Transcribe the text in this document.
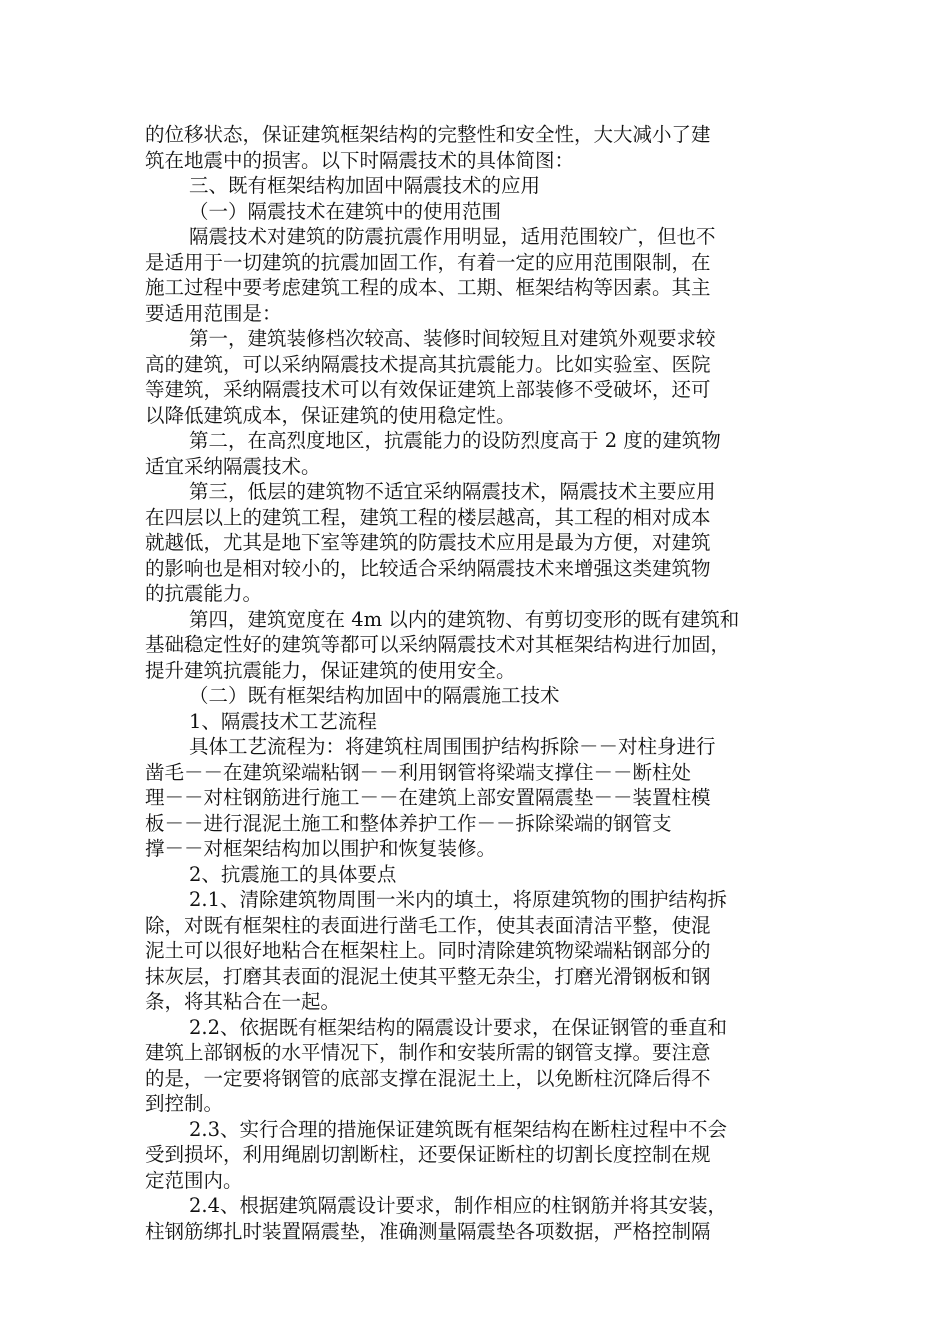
的位移状态，保证建筑框架结构的完整性和安全性，大大减小了建
筑在地震中的损害。以下时隔震技术的具体简图：
三、既有框架结构加固中隔震技术的应用
（一）隔震技术在建筑中的使用范围
隔震技术对建筑的防震抗震作用明显，适用范围较广，但也不
是适用于一切建筑的抗震加固工作，有着一定的应用范围限制，在
施工过程中要考虑建筑工程的成本、工期、框架结构等因素。其主
要适用范围是：
第一，建筑装修档次较高、装修时间较短且对建筑外观要求较
高的建筑，可以采纳隔震技术提高其抗震能力。比如实验室、医院
等建筑，采纳隔震技术可以有效保证建筑上部装修不受破坏，还可
以降低建筑成本，保证建筑的使用稳定性。
第二，在高烈度地区，抗震能力的设防烈度高于 2 度的建筑物
适宜采纳隔震技术。
第三，低层的建筑物不适宜采纳隔震技术，隔震技术主要应用
在四层以上的建筑工程，建筑工程的楼层越高，其工程的相对成本
就越低，尤其是地下室等建筑的防震技术应用是最为方便，对建筑
的影响也是相对较小的，比较适合采纳隔震技术来增强这类建筑物
的抗震能力。
第四，建筑宽度在 4m 以内的建筑物、有剪切变形的既有建筑和
基础稳定性好的建筑等都可以采纳隔震技术对其框架结构进行加固，
提升建筑抗震能力，保证建筑的使用安全。
（二）既有框架结构加固中的隔震施工技术
1、隔震技术工艺流程
具体工艺流程为：将建筑柱周围围护结构拆除－－对柱身进行
凿毛－－在建筑梁端粘钢－－利用钢管将梁端支撑住－－断柱处
理－－对柱钢筋进行施工－－在建筑上部安置隔震垫－－装置柱模
板－－进行混泥土施工和整体养护工作－－拆除梁端的钢管支
撑－－对框架结构加以围护和恢复装修。
2、抗震施工的具体要点
2.1、清除建筑物周围一米内的填土，将原建筑物的围护结构拆
除，对既有框架柱的表面进行凿毛工作，使其表面清洁平整，使混
泥土可以很好地粘合在框架柱上。同时清除建筑物梁端粘钢部分的
抹灰层，打磨其表面的混泥土使其平整无杂尘，打磨光滑钢板和钢
条，将其粘合在一起。
2.2、依据既有框架结构的隔震设计要求，在保证钢管的垂直和
建筑上部钢板的水平情况下，制作和安装所需的钢管支撑。要注意
的是，一定要将钢管的底部支撑在混泥土上，以免断柱沉降后得不
到控制。
2.3、实行合理的措施保证建筑既有框架结构在断柱过程中不会
受到损坏，利用绳剧切割断柱，还要保证断柱的切割长度控制在规
定范围内。
2.4、根据建筑隔震设计要求，制作相应的柱钢筋并将其安装，
柱钢筋绑扎时装置隔震垫，准确测量隔震垫各项数据，严格控制隔
